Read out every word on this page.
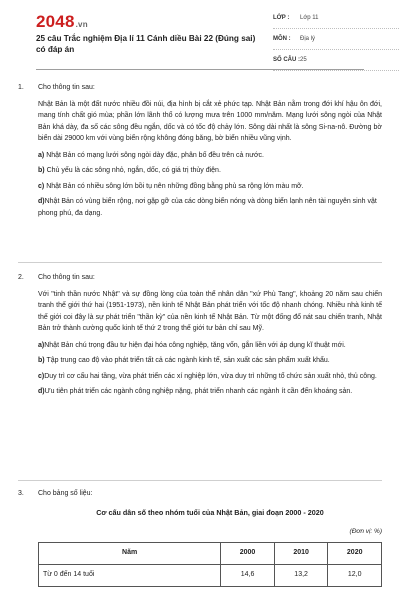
2048.vn
25 câu Trắc nghiệm Địa lí 11 Cánh diều Bài 22 (Đúng sai) có đáp án
LỚP : Lớp 11
MÔN : Địa lý
SỐ CÂU : 25
1.	Cho thông tin sau:

Nhật Bản là một đất nước nhiều đồi núi, địa hình bị cắt xẻ phức tạp. Nhật Bản nằm trong đới khí hậu ôn đới, mang tính chất gió mùa; phần lớn lãnh thổ có lượng mưa trên 1000 mm/năm. Mạng lưới sông ngòi của Nhật Bản khá dày, đa số các sông đều ngắn, dốc và có tốc độ chảy lớn. Sông dài nhất là sông Si-na-nô. Đường bờ biển dài 29000 km với vùng biển rộng không đóng băng, bờ biển nhiều vũng vịnh.

a) Nhật Bản có mạng lưới sông ngòi dày đặc, phân bố đều trên cả nước.

b) Chủ yếu là các sông nhỏ, ngắn, dốc, có giá trị thủy điện.

c) Nhật Bản có nhiều sông lớn bồi tụ nên những đồng bằng phù sa rộng lớn màu mỡ.

d)Nhật Bản có vùng biển rộng, nơi gặp gỡ của các dòng biển nóng và dòng biển lạnh nên tài nguyên sinh vật phong phú, đa dạng.

2.	Cho thông tin sau:

Với "tinh thần nước Nhật" và sự đồng lòng của toàn thể nhân dân "xứ Phù Tang", khoảng 20 năm sau chiến tranh thế giới thứ hai (1951-1973), nền kinh tế Nhật Bản phát triển với tốc độ nhanh chóng. Nhiều nhà kinh tế thế giới coi đây là sự phát triển "thần kỳ" của nền kinh tế Nhật Bản. Từ một đống đổ nát sau chiến tranh, Nhật Bản trở thành cường quốc kinh tế thứ 2 trong thế giới tư bản chỉ sau Mỹ.

a)Nhật Bản chú trọng đầu tư hiện đại hóa công nghiệp, tăng vốn, gắn liền với áp dụng kĩ thuật mới.

b) Tập trung cao độ vào phát triển tất cả các ngành kinh tế, sản xuất các sản phẩm xuất khẩu.

c)Duy trì cơ cấu hai tầng, vừa phát triển các xí nghiệp lớn, vừa duy trì những tổ chức sản xuất nhỏ, thủ công.

d)Ưu tiên phát triển các ngành công nghiệp nặng, phát triển nhanh các ngành ít cần đến khoáng sản.

3.	Cho bảng số liệu:

Cơ cấu dân số theo nhóm tuổi của Nhật Bản, giai đoạn 2000 - 2020
(Đơn vị: %)
Năm	2000	2010	2020
Từ 0 đến 14 tuổi	14,6	13,2	12,0
